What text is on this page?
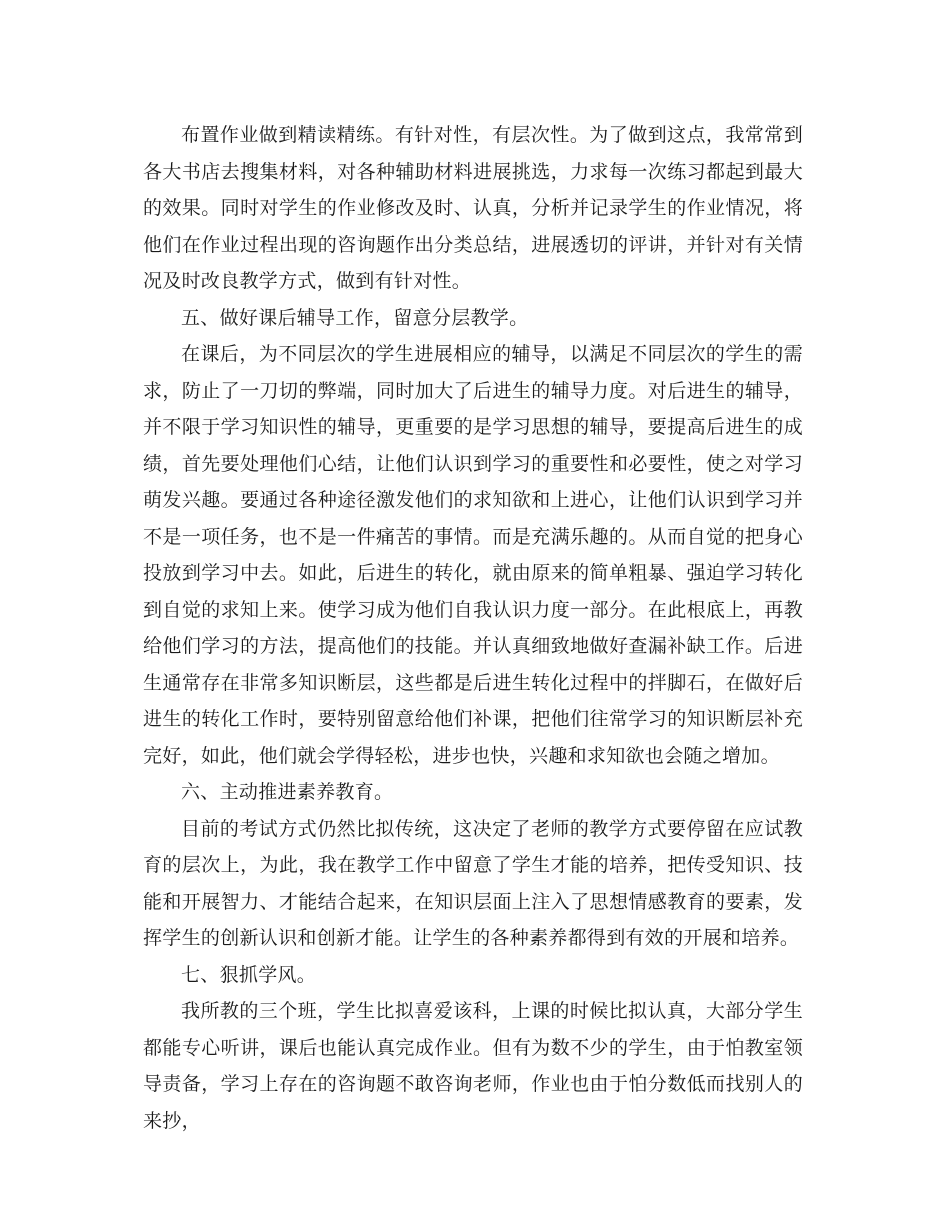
布置作业做到精读精练。有针对性，有层次性。为了做到这点，我常常到各大书店去搜集材料，对各种辅助材料进展挑选，力求每一次练习都起到最大的效果。同时对学生的作业修改及时、认真，分析并记录学生的作业情况，将他们在作业过程出现的咨询题作出分类总结，进展透切的评讲，并针对有关情况及时改良教学方式，做到有针对性。

五、做好课后辅导工作，留意分层教学。

在课后，为不同层次的学生进展相应的辅导，以满足不同层次的学生的需求，防止了一刀切的弊端，同时加大了后进生的辅导力度。对后进生的辅导，并不限于学习知识性的辅导，更重要的是学习思想的辅导，要提高后进生的成绩，首先要处理他们心结，让他们认识到学习的重要性和必要性，使之对学习萌发兴趣。要通过各种途径激发他们的求知欲和上进心，让他们认识到学习并不是一项任务，也不是一件痛苦的事情。而是充满乐趣的。从而自觉的把身心投放到学习中去。如此，后进生的转化，就由原来的简单粗暴、强迫学习转化到自觉的求知上来。使学习成为他们自我认识力度一部分。在此根底上，再教给他们学习的方法，提高他们的技能。并认真细致地做好查漏补缺工作。后进生通常存在非常多知识断层，这些都是后进生转化过程中的拌脚石，在做好后进生的转化工作时，要特别留意给他们补课，把他们往常学习的知识断层补充完好，如此，他们就会学得轻松，进步也快，兴趣和求知欲也会随之增加。

六、主动推进素养教育。

目前的考试方式仍然比拟传统，这决定了老师的教学方式要停留在应试教育的层次上，为此，我在教学工作中留意了学生才能的培养，把传受知识、技能和开展智力、才能结合起来，在知识层面上注入了思想情感教育的要素，发挥学生的创新认识和创新才能。让学生的各种素养都得到有效的开展和培养。

七、狠抓学风。

我所教的三个班，学生比拟喜爱该科，上课的时候比拟认真，大部分学生都能专心听讲，课后也能认真完成作业。但有为数不少的学生，由于怕教室领导责备，学习上存在的咨询题不敢咨询老师，作业也由于怕分数低而找别人的来抄，
